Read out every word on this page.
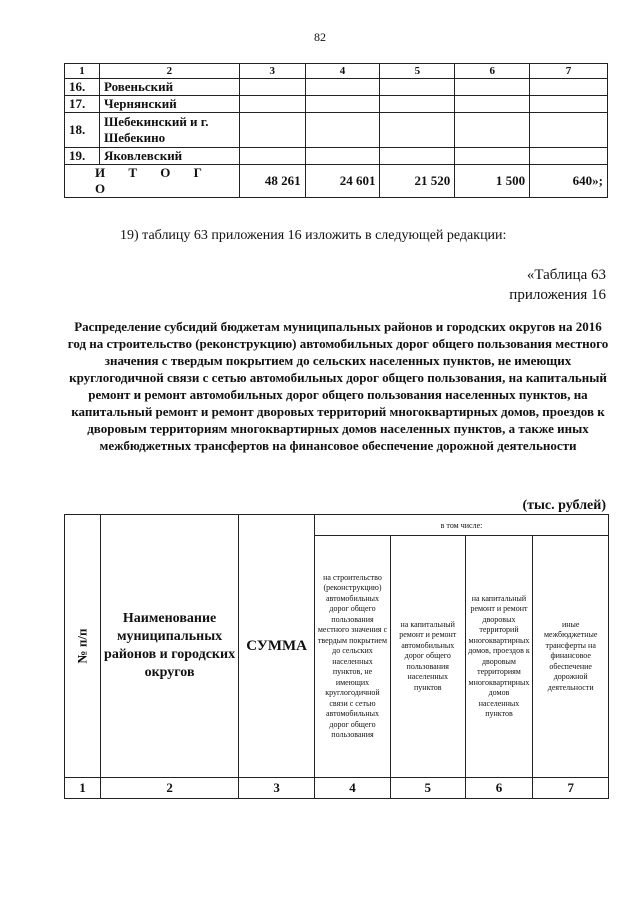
82
1	2	3	4	5	6	7
16.	Ровеньский					
17.	Чернянский					
18.	Шебекинский и г. Шебекино					
19.	Яковлевский					
И Т О Г О		48 261	24 601	21 520	1 500	640»;
19) таблицу 63 приложения 16 изложить в следующей редакции:
«Таблица 63
приложения 16
Распределение субсидий бюджетам муниципальных районов и городских округов на 2016 год на строительство (реконструкцию) автомобильных дорог общего пользования местного значения с твердым покрытием до сельских населенных пунктов, не имеющих круглогодичной связи с сетью автомобильных дорог общего пользования, на капитальный ремонт и ремонт автомобильных дорог общего пользования населенных пунктов, на капитальный ремонт и ремонт дворовых территорий многоквартирных домов, проездов к дворовым территориям многоквартирных домов населенных пунктов, а также иных межбюджетных трансфертов на финансовое обеспечение дорожной деятельности
(тыс. рублей)
№ п/п	Наименование муниципальных районов и городских округов	СУММА	в том числе:			
			на строительство (реконструкцию) автомобильных дорог общего пользования местного значения с твердым покрытием до сельских населенных пунктов, не имеющих круглогодичной связи с сетью автомобильных дорог общего пользования	на капитальный ремонт и ремонт автомобильных дорог общего пользования населенных пунктов	на капитальный ремонт и ремонт дворовых территорий многоквартирных домов, проездов к дворовым территориям многоквартирных домов населенных пунктов	иные межбюджетные трансферты на финансовое обеспечение дорожной деятельности
1	2	3	4	5	6	7
